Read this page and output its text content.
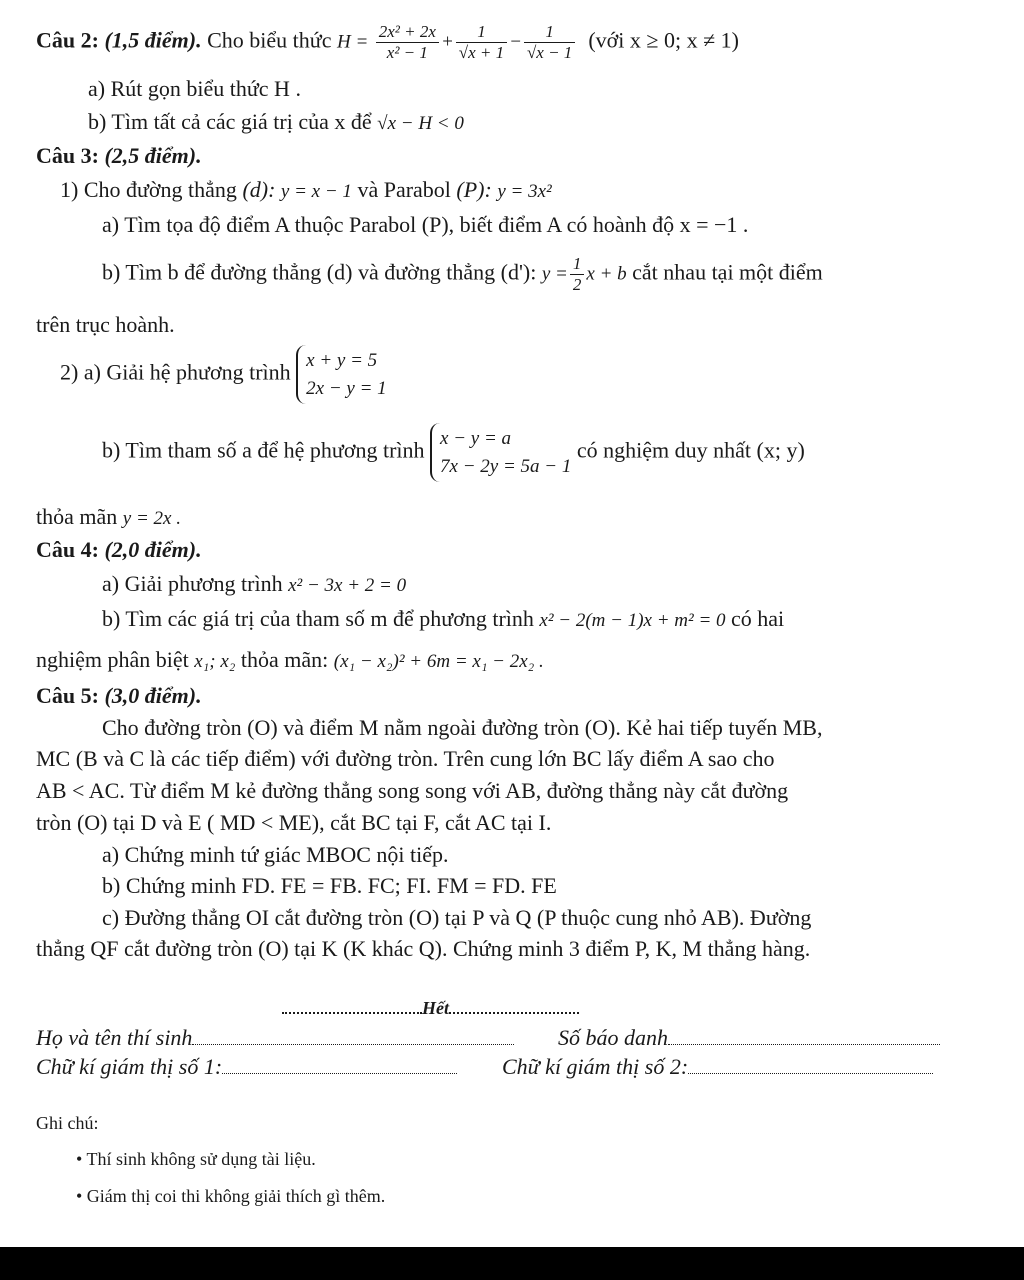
Câu 2: (1,5 điểm). Cho biểu thức $H = \frac{\text{2x² + 2x}}{\text{x² − 1}} + \frac{1}{√x + 1} - \frac{1}{√x - 1}$ (với x ≥ 0; x ≠ 1)
a) Rút gọn biểu thức H .
b) Tìm tất cả các giá trị của x để √x − H < 0
Câu 3: (2,5 điểm).
1) Cho đường thẳng (d): y = x − 1 và Parabol (P): y = 3x²
a) Tìm tọa độ điểm A thuộc Parabol (P), biết điểm A có hoành độ x = −1 .
b) Tìm b để đường thẳng (d) và đường thẳng (d'): $y = \frac{1}{2}$ x + b cắt nhau tại một điểm
trên trục hoành.
2) a) Giải hệ phương trình x + y = 5
2x − y = 1
b) Tìm tham số a để hệ phương trình x − y = a
7x − 2y = 5a − 1
có nghiệm duy nhất (x; y)
thỏa mãn y = 2x .
Câu 4: (2,0 điểm).
a) Giải phương trình x² − 3x + 2 = 0
b) Tìm các giá trị của tham số m để phương trình x² − 2(m − 1)x + m² = 0 có hai
nghiệm phân biệt x₁; x₂ thỏa mãn: (x₁ − x₂)² + 6m = x₁ − 2x₂ .
Câu 5: (3,0 điểm).
Cho đường tròn (O) và điểm M nằm ngoài đường tròn (O). Kẻ hai tiếp tuyến MB,
MC (B và C là các tiếp điểm) với đường tròn. Trên cung lớn BC lấy điểm A sao cho
AB < AC. Từ điểm M kẻ đường thẳng song song với AB, đường thẳng này cắt đường
tròn (O) tại D và E ( MD < ME), cắt BC tại F, cắt AC tại I.
a) Chứng minh tứ giác MBOC nội tiếp.
b) Chứng minh FD. FE = FB. FC; FI. FM = FD. FE
c) Đường thẳng OI cắt đường tròn (O) tại P và Q (P thuộc cung nhỏ AB). Đường
thẳng QF cắt đường tròn (O) tại K (K khác Q). Chứng minh 3 điểm P, K, M thẳng hàng.
Hết
Họ và tên thí sinh	Số báo danh
Chữ kí giám thị số 1:	Chữ kí giám thị số 2:
Ghi chú:
• Thí sinh không sử dụng tài liệu.
• Giám thị coi thi không giải thích gì thêm.
